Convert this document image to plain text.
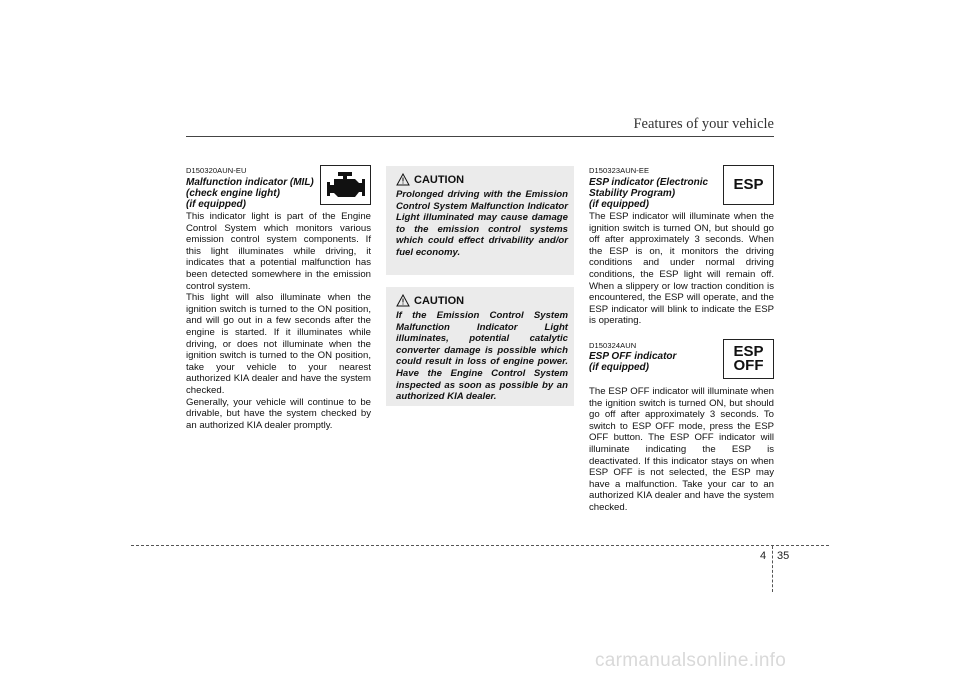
Features of your vehicle
D150320AUN-EU
Malfunction indicator (MIL)
(check engine light)
(if equipped)

This indicator light is part of the Engine Control System which monitors various emission control system components. If this light illuminates while driving, it indicates that a potential malfunction has been detected somewhere in the emission control system.

This light will also illuminate when the ignition switch is turned to the ON position, and will go out in a few seconds after the engine is started. If it illuminates while driving, or does not illuminate when the ignition switch is turned to the ON position, take your vehicle to your nearest authorized KIA dealer and have the system checked.

Generally, your vehicle will continue to be drivable, but have the system checked by an authorized KIA dealer promptly.

CAUTION

Prolonged driving with the Emission Control System Malfunction Indicator Light illuminated may cause damage to the emission control systems which could effect drivability and/or fuel economy.

CAUTION

If the Emission Control System Malfunction Indicator Light illuminates, potential catalytic converter damage is possible which could result in loss of engine power. Have the Engine Control System inspected as soon as possible by an authorized KIA dealer.

D150323AUN-EE
ESP indicator (Electronic
Stability Program)
(if equipped)
ESP

The ESP indicator will illuminate when the ignition switch is turned ON, but should go off after approximately 3 seconds. When the ESP is on, it monitors the driving conditions and under normal driving conditions, the ESP light will remain off. When a slippery or low traction condition is encountered, the ESP will operate, and the ESP indicator will blink to indicate the ESP is operating.

D150324AUN
ESP OFF indicator
(if equipped)
ESP
OFF

The ESP OFF indicator will illuminate when the ignition switch is turned ON, but should go off after approximately 3 seconds. To switch to ESP OFF mode, press the ESP OFF button. The ESP OFF indicator will illuminate indicating the ESP is deactivated. If this indicator stays on when ESP OFF is not selected, the ESP may have a malfunction. Take your car to an authorized KIA dealer and have the system checked.

4 35
carmanualsonline.info
